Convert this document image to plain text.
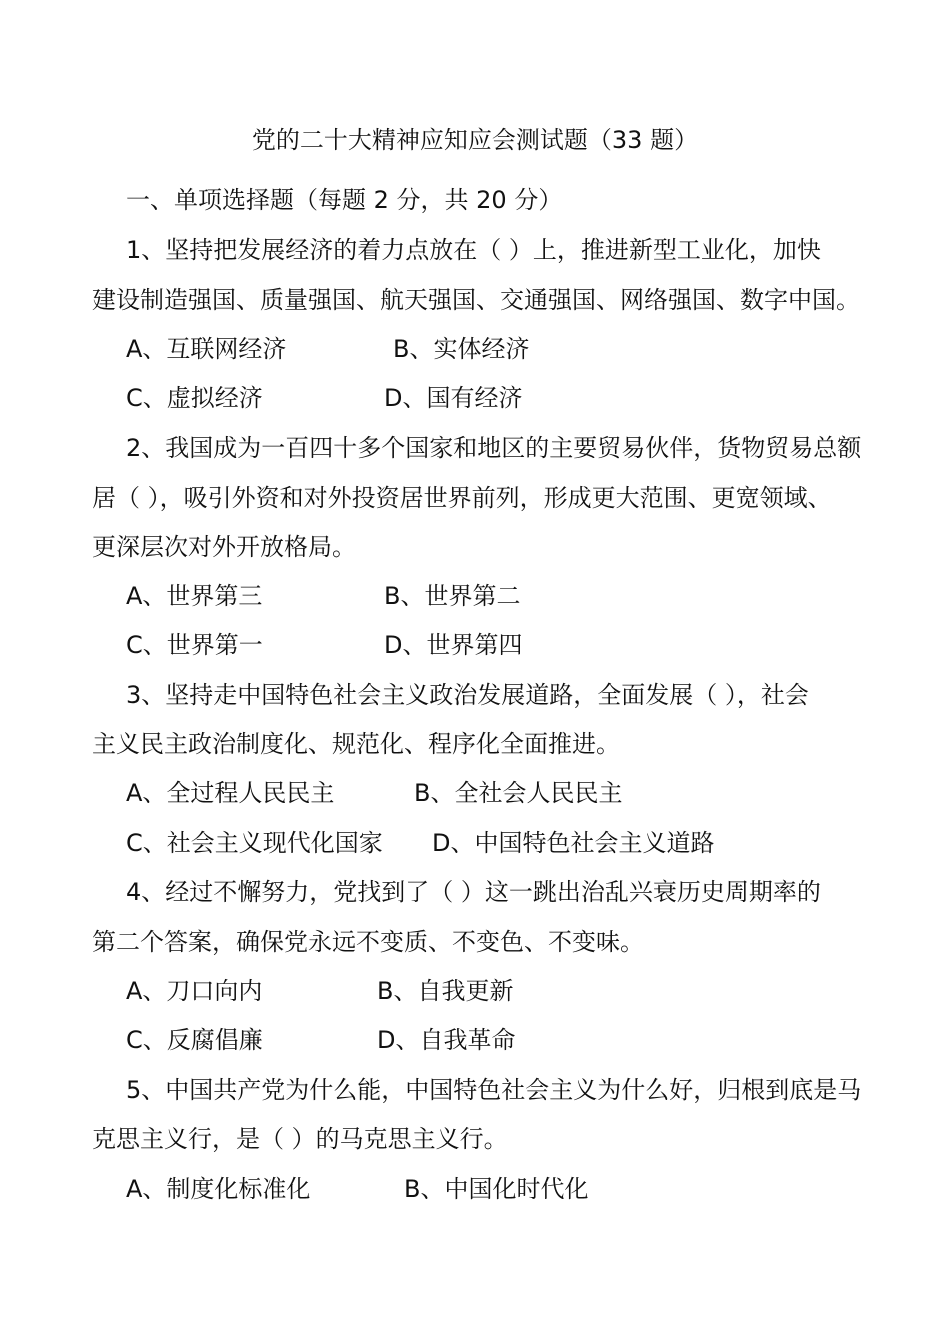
党的二十大精神应知应会测试题（33 题）
一、单项选择题（每题 2 分，共 20 分）
1、坚持把发展经济的着力点放在（ ）上，推进新型工业化，加快
建设制造强国、质量强国、航天强国、交通强国、网络强国、数字中国。
A、互联网经济	B、实体经济
C、虚拟经济	D、国有经济
2、我国成为一百四十多个国家和地区的主要贸易伙伴，货物贸易总额
居（ ），吸引外资和对外投资居世界前列，形成更大范围、更宽领域、
更深层次对外开放格局。
A、世界第三	B、世界第二
C、世界第一	D、世界第四
3、坚持走中国特色社会主义政治发展道路，全面发展（ ），社会
主义民主政治制度化、规范化、程序化全面推进。
A、全过程人民民主	B、全社会人民民主
C、社会主义现代化国家 D、中国特色社会主义道路
4、经过不懈努力，党找到了（ ）这一跳出治乱兴衰历史周期率的
第二个答案，确保党永远不变质、不变色、不变味。
A、刀口向内	B、自我更新
C、反腐倡廉	D、自我革命
5、中国共产党为什么能，中国特色社会主义为什么好，归根到底是马
克思主义行，是（ ）的马克思主义行。
A、制度化标准化	B、中国化时代化
